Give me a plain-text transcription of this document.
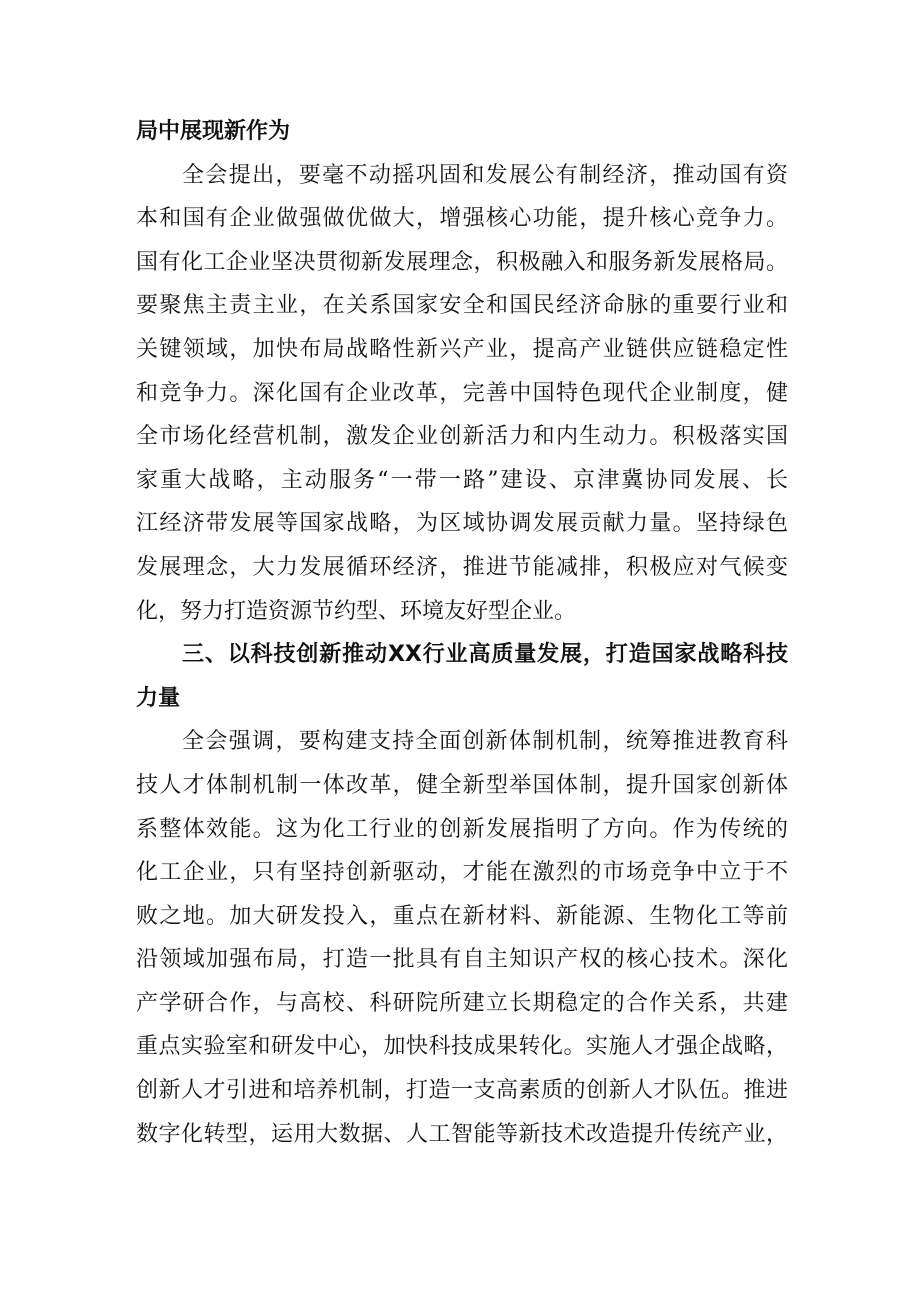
局中展现新作为
全会提出，要毫不动摇巩固和发展公有制经济，推动国有资
本和国有企业做强做优做大，增强核心功能，提升核心竞争力。
国有化工企业坚决贯彻新发展理念，积极融入和服务新发展格局。
要聚焦主责主业，在关系国家安全和国民经济命脉的重要行业和
关键领域，加快布局战略性新兴产业，提高产业链供应链稳定性
和竞争力。深化国有企业改革，完善中国特色现代企业制度，健
全市场化经营机制，激发企业创新活力和内生动力。积极落实国
家重大战略，主动服务“一带一路”建设、京津冀协同发展、长
江经济带发展等国家战略，为区域协调发展贡献力量。坚持绿色
发展理念，大力发展循环经济，推进节能减排，积极应对气候变
化，努力打造资源节约型、环境友好型企业。
三、以科技创新推动XX行业高质量发展，打造国家战略科技
力量
全会强调，要构建支持全面创新体制机制，统筹推进教育科
技人才体制机制一体改革，健全新型举国体制，提升国家创新体
系整体效能。这为化工行业的创新发展指明了方向。作为传统的
化工企业，只有坚持创新驱动，才能在激烈的市场竞争中立于不
败之地。加大研发投入，重点在新材料、新能源、生物化工等前
沿领域加强布局，打造一批具有自主知识产权的核心技术。深化
产学研合作，与高校、科研院所建立长期稳定的合作关系，共建
重点实验室和研发中心，加快科技成果转化。实施人才强企战略，
创新人才引进和培养机制，打造一支高素质的创新人才队伍。推进
数字化转型，运用大数据、人工智能等新技术改造提升传统产业，
